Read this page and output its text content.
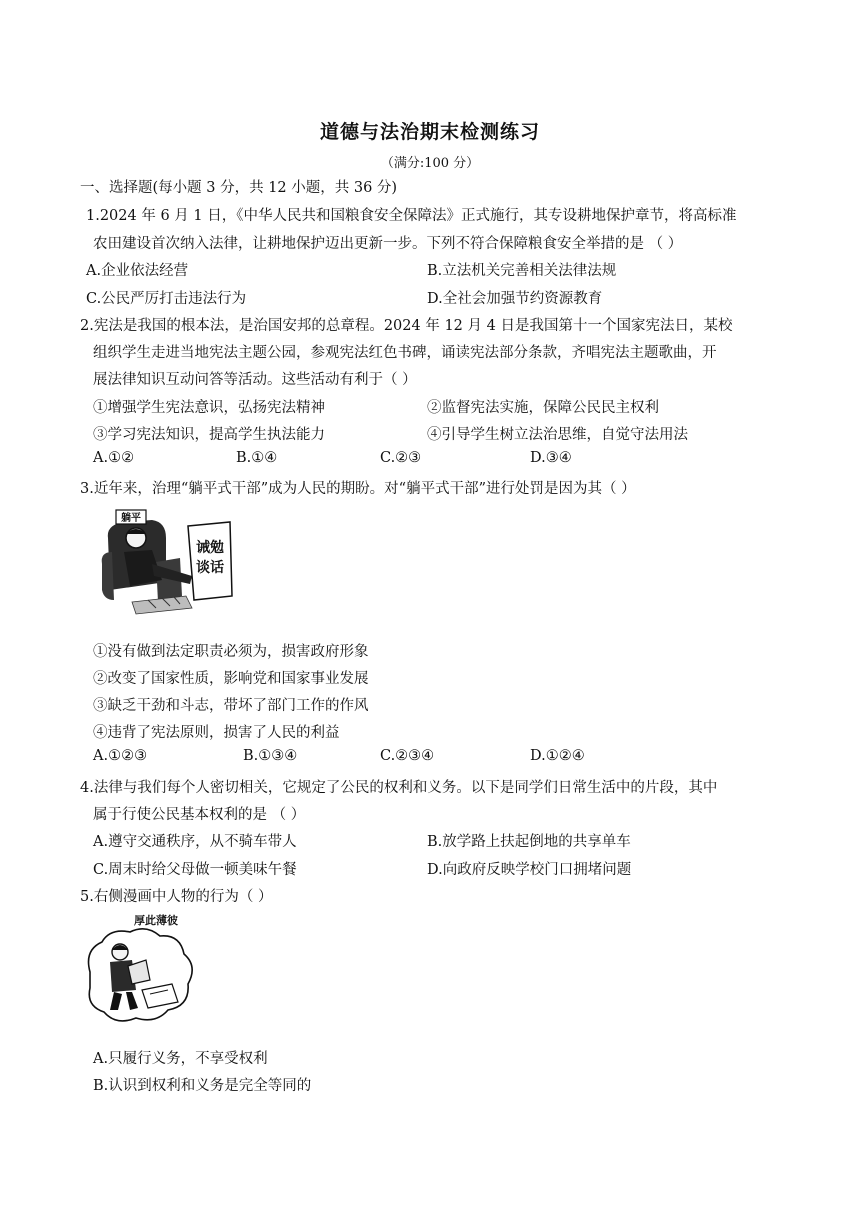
道德与法治期末检测练习
（满分:100 分）
一、选择题(每小题 3 分，共 12 小题，共 36 分)
1.2024 年 6 月 1 日，《中华人民共和国粮食安全保障法》正式施行，其专设耕地保护章节，将高标准
农田建设首次纳入法律，让耕地保护迈出更新一步。下列不符合保障粮食安全举措的是 （ ）
A.企业依法经营	B.立法机关完善相关法律法规
C.公民严厉打击违法行为	D.全社会加强节约资源教育
2.宪法是我国的根本法，是治国安邦的总章程。2024 年 12 月 4 日是我国第十一个国家宪法日，某校
组织学生走进当地宪法主题公园，参观宪法红色书碑，诵读宪法部分条款，齐唱宪法主题歌曲，开
展法律知识互动问答等活动。这些活动有利于（ ）
①增强学生宪法意识，弘扬宪法精神	②监督宪法实施，保障公民民主权利
③学习宪法知识，提高学生执法能力	④引导学生树立法治思维，自觉守法用法
A.①②	B.①④	C.②③	D.③④
3.近年来，治理“躺平式干部”成为人民的期盼。对“躺平式干部”进行处罚是因为其（ ）
躺平
诫勉
谈话
①没有做到法定职责必须为，损害政府形象
②改变了国家性质，影响党和国家事业发展
③缺乏干劲和斗志，带坏了部门工作的作风
④违背了宪法原则，损害了人民的利益
A.①②③	B.①③④	C.②③④	D.①②④
4.法律与我们每个人密切相关，它规定了公民的权利和义务。以下是同学们日常生活中的片段，其中
属于行使公民基本权利的是 （ ）
A.遵守交通秩序，从不骑车带人	B.放学路上扶起倒地的共享单车
C.周末时给父母做一顿美味午餐	D.向政府反映学校门口拥堵问题
5.右侧漫画中人物的行为（ ）
厚此薄彼
A.只履行义务，不享受权利
B.认识到权利和义务是完全等同的
